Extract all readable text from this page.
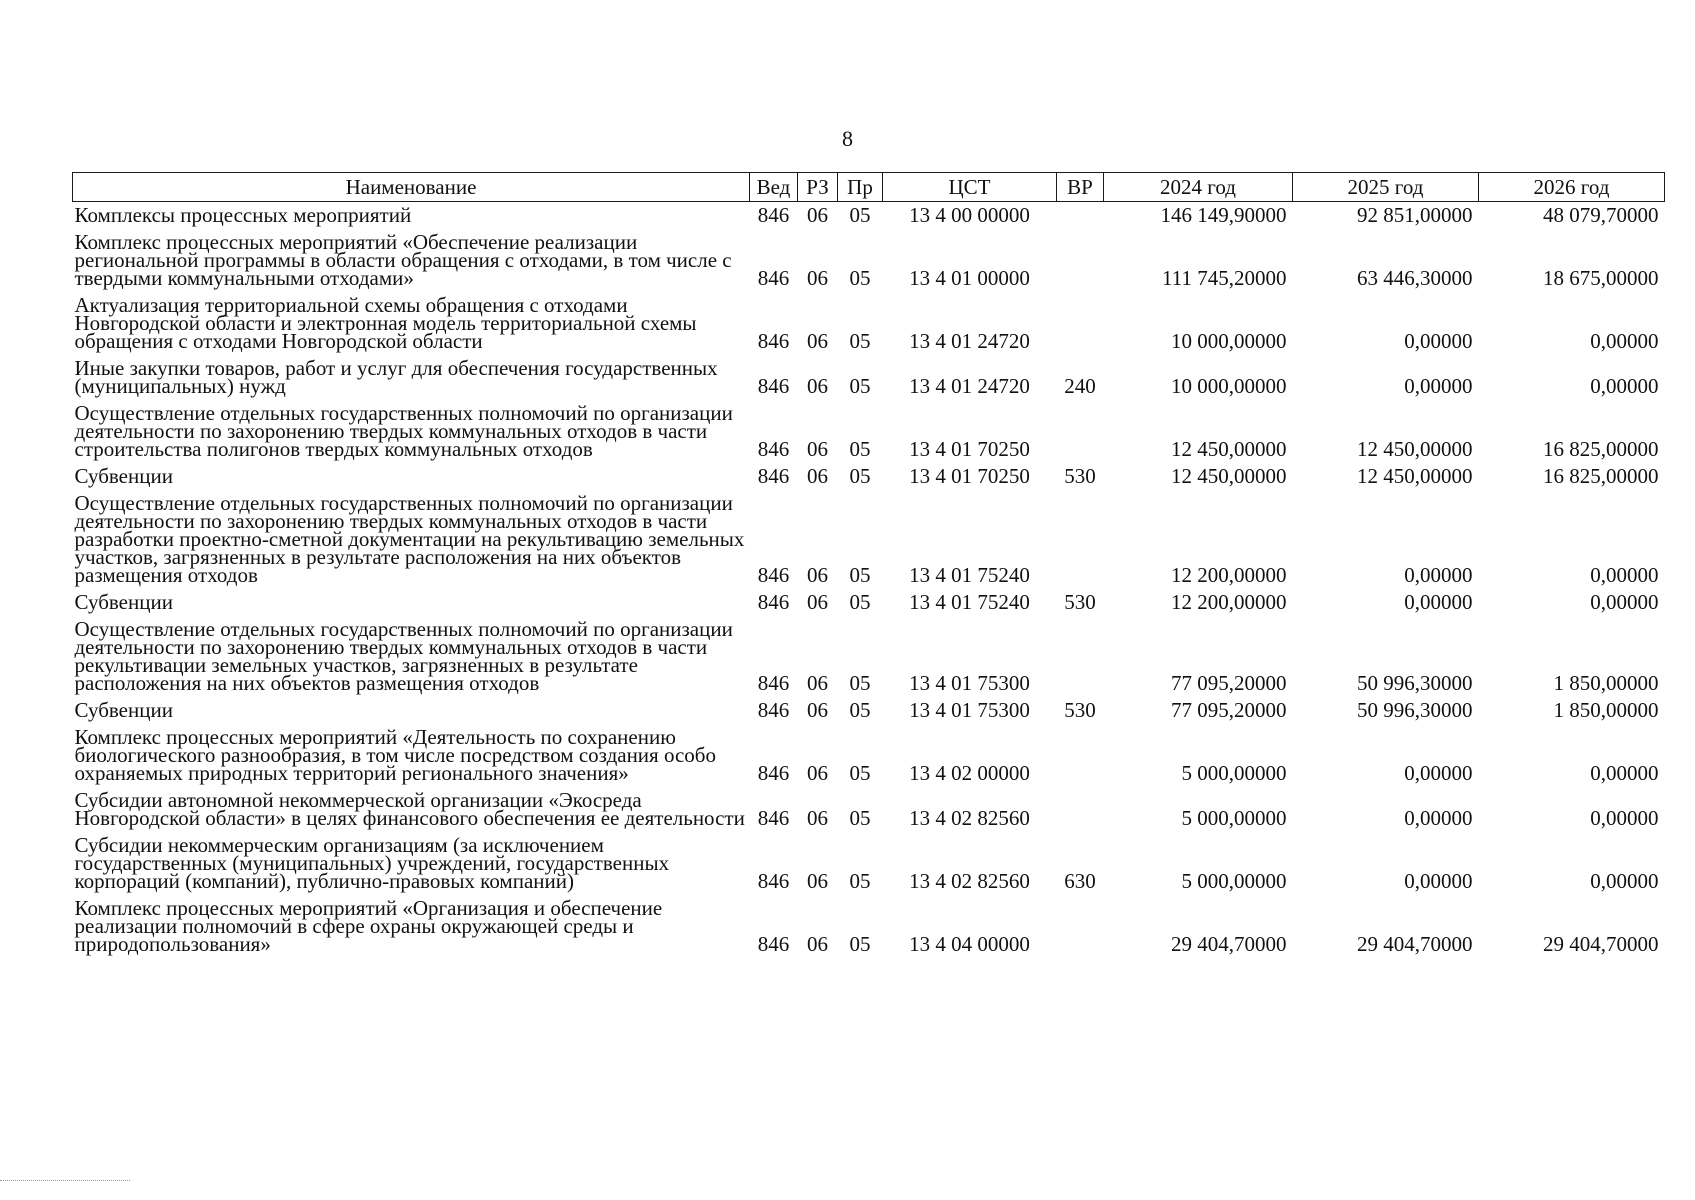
8
Наименование	Вед	РЗ	Пр	ЦСТ	ВР	2024 год	2025 год	2026 год
Комплексы процессных мероприятий	846	06	05	13 4 00 00000		146 149,90000	92 851,00000	48 079,70000
Комплекс процессных мероприятий «Обеспечение реализации региональной программы в области обращения с отходами, в том числе с твердыми коммунальными отходами»	846	06	05	13 4 01 00000		111 745,20000	63 446,30000	18 675,00000
Актуализация территориальной схемы обращения с отходами Новгородской области и электронная модель территориальной схемы обращения с отходами Новгородской области	846	06	05	13 4 01 24720		10 000,00000	0,00000	0,00000
Иные закупки товаров, работ и услуг для обеспечения государственных (муниципальных) нужд	846	06	05	13 4 01 24720	240	10 000,00000	0,00000	0,00000
Осуществление отдельных государственных полномочий по организации деятельности по захоронению твердых коммунальных отходов в части строительства полигонов твердых коммунальных отходов	846	06	05	13 4 01 70250		12 450,00000	12 450,00000	16 825,00000
Субвенции	846	06	05	13 4 01 70250	530	12 450,00000	12 450,00000	16 825,00000
Осуществление отдельных государственных полномочий по организации деятельности по захоронению твердых коммунальных отходов в части разработки проектно-сметной документации на рекультивацию земельных участков, загрязненных в результате расположения на них объектов размещения отходов	846	06	05	13 4 01 75240		12 200,00000	0,00000	0,00000
Субвенции	846	06	05	13 4 01 75240	530	12 200,00000	0,00000	0,00000
Осуществление отдельных государственных полномочий по организации деятельности по захоронению твердых коммунальных отходов в части рекультивации земельных участков, загрязненных в результате расположения на них объектов размещения отходов	846	06	05	13 4 01 75300		77 095,20000	50 996,30000	1 850,00000
Субвенции	846	06	05	13 4 01 75300	530	77 095,20000	50 996,30000	1 850,00000
Комплекс процессных мероприятий «Деятельность по сохранению биологического разнообразия, в том числе посредством создания особо охраняемых природных территорий регионального значения»	846	06	05	13 4 02 00000		5 000,00000	0,00000	0,00000
Субсидии автономной некоммерческой организации «Экосреда Новгородской области» в целях финансового обеспечения ее деятельности	846	06	05	13 4 02 82560		5 000,00000	0,00000	0,00000
Субсидии некоммерческим организациям (за исключением государственных (муниципальных) учреждений, государственных корпораций (компаний), публично-правовых компаний)	846	06	05	13 4 02 82560	630	5 000,00000	0,00000	0,00000
Комплекс процессных мероприятий «Организация и обеспечение реализации полномочий в сфере охраны окружающей среды и природопользования»	846	06	05	13 4 04 00000		29 404,70000	29 404,70000	29 404,70000
